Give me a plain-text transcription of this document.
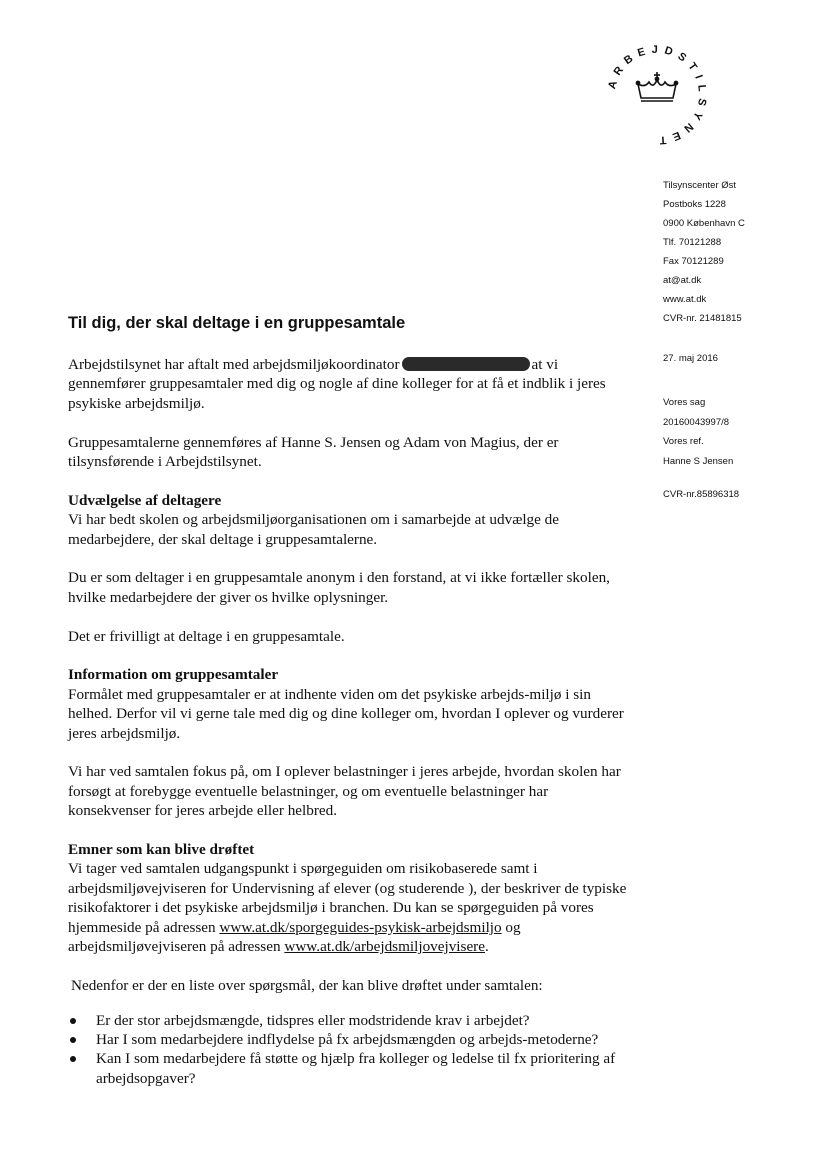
ARBEJDSTILSYNET
Tilsynscenter Øst
Postboks 1228
0900 København C
Tlf. 70121288
Fax 70121289
at@at.dk
www.at.dk
CVR-nr. 21481815
27. maj 2016
Vores sag
20160043997/8
Vores ref.
Hanne S Jensen
CVR-nr.85896318
Til dig, der skal deltage i en gruppesamtale

Arbejdstilsynet har aftalt med arbejdsmiljøkoordinator	at vi gennemfører gruppesamtaler med dig og nogle af dine kolleger for at få et indblik i jeres psykiske arbejdsmiljø.

Gruppesamtalerne gennemføres af Hanne S. Jensen og Adam von Magius, der er tilsynsførende i Arbejdstilsynet.

Udvælgelse af deltagere
Vi har bedt skolen og arbejdsmiljøorganisationen om i samarbejde at udvælge de medarbejdere, der skal deltage i gruppesamtalerne.

Du er som deltager i en gruppesamtale anonym i den forstand, at vi ikke fortæller skolen, hvilke medarbejdere der giver os hvilke oplysninger.

Det er frivilligt at deltage i en gruppesamtale.

Information om gruppesamtaler
Formålet med gruppesamtaler er at indhente viden om det psykiske arbejds-miljø i sin helhed. Derfor vil vi gerne tale med dig og dine kolleger om, hvordan I oplever og vurderer jeres arbejdsmiljø.

Vi har ved samtalen fokus på, om I oplever belastninger i jeres arbejde, hvordan skolen har forsøgt at forebygge eventuelle belastninger, og om eventuelle belastninger har konsekvenser for jeres arbejde eller helbred.

Emner som kan blive drøftet
Vi tager ved samtalen udgangspunkt i spørgeguiden om risikobaserede samt i arbejdsmiljøvejviseren for Undervisning af elever (og studerende ), der beskriver de typiske risikofaktorer i det psykiske arbejdsmiljø i branchen. Du kan se spørgeguiden på vores hjemmeside på adressen www.at.dk/sporgeguides-psykisk-arbejdsmiljo og arbejdsmiljøvejviseren på adressen www.at.dk/arbejdsmiljovejvisere.

Nedenfor er der en liste over spørgsmål, der kan blive drøftet under samtalen:

Er der stor arbejdsmængde, tidspres eller modstridende krav i arbejdet?
Har I som medarbejdere indflydelse på fx arbejdsmængden og arbejds-metoderne?
Kan I som medarbejdere få støtte og hjælp fra kolleger og ledelse til fx prioritering af arbejdsopgaver?
